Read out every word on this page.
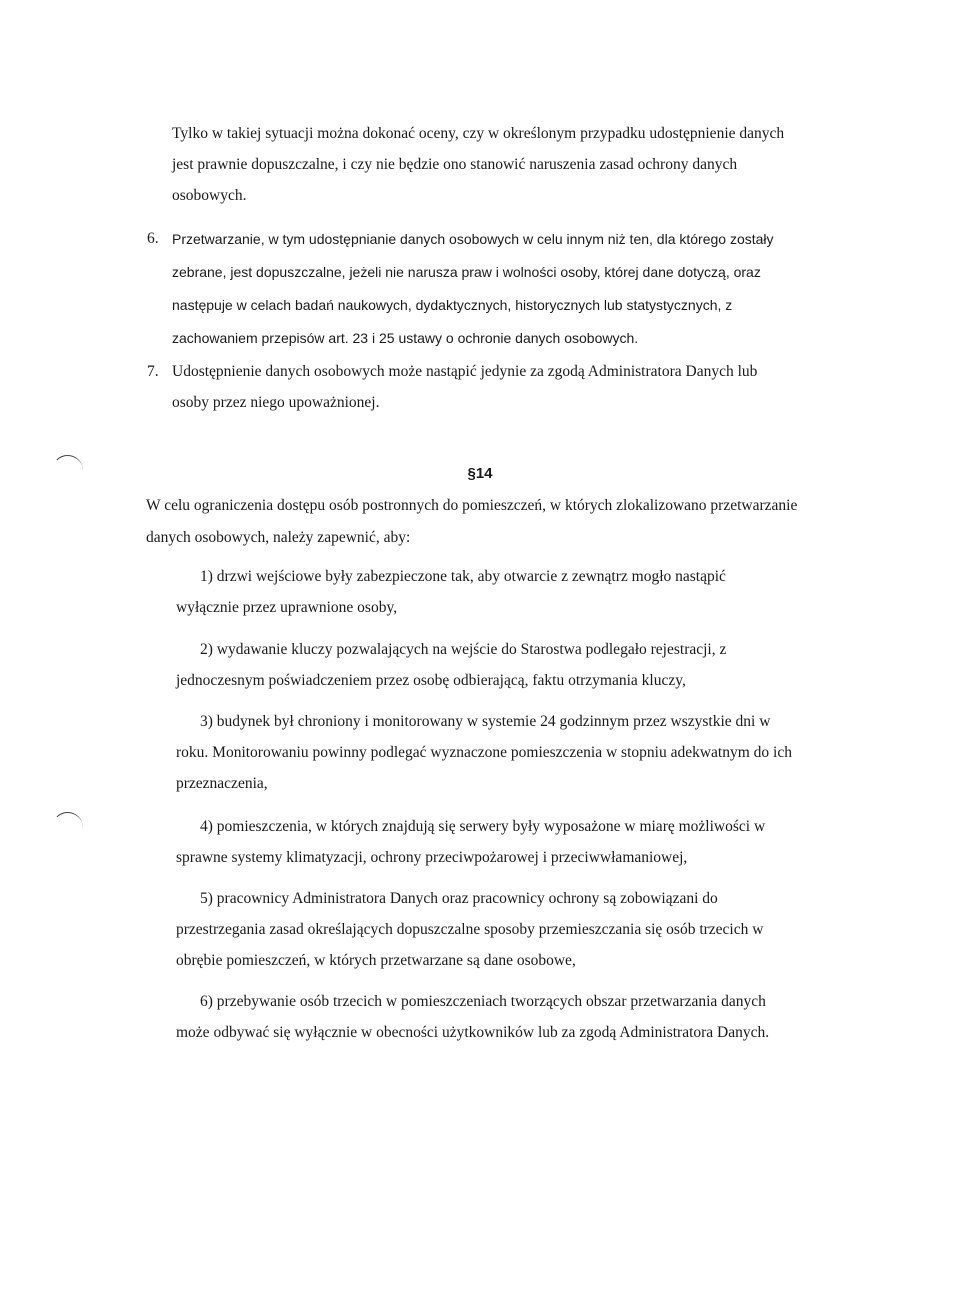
Tylko w takiej sytuacji można dokonać oceny, czy w określonym przypadku udostępnienie danych
jest prawnie dopuszczalne, i czy nie będzie ono stanowić naruszenia zasad ochrony danych
osobowych.
6. Przetwarzanie, w tym udostępnianie danych osobowych w celu innym niż ten, dla którego zostały
zebrane, jest dopuszczalne, jeżeli nie narusza praw i wolności osoby, której dane dotyczą, oraz
następuje w celach badań naukowych, dydaktycznych, historycznych lub statystycznych, z
zachowaniem przepisów art. 23 i 25 ustawy o ochronie danych osobowych.
7. Udostępnienie danych osobowych może nastąpić jedynie za zgodą Administratora Danych lub
osoby przez niego upoważnionej.
§14
W celu ograniczenia dostępu osób postronnych do pomieszczeń, w których zlokalizowano przetwarzanie
danych osobowych, należy zapewnić, aby:
1) drzwi wejściowe były zabezpieczone tak, aby otwarcie z zewnątrz mogło nastąpić
wyłącznie przez uprawnione osoby,
2) wydawanie kluczy pozwalających na wejście do Starostwa podlegało rejestracji, z
jednoczesnym poświadczeniem przez osobę odbierającą, faktu otrzymania kluczy,
3) budynek był chroniony i monitorowany w systemie 24 godzinnym przez wszystkie dni w
roku. Monitorowaniu powinny podlegać wyznaczone pomieszczenia w stopniu adekwatnym do ich
przeznaczenia,
4) pomieszczenia, w których znajdują się serwery były wyposażone w miarę możliwości w
sprawne systemy klimatyzacji, ochrony przeciwpożarowej i przeciwwłamaniowej,
5) pracownicy Administratora Danych oraz pracownicy ochrony są zobowiązani do
przestrzegania zasad określających dopuszczalne sposoby przemieszczania się osób trzecich w
obrębie pomieszczeń, w których przetwarzane są dane osobowe,
6) przebywanie osób trzecich w pomieszczeniach tworzących obszar przetwarzania danych
może odbywać się wyłącznie w obecności użytkowników lub za zgodą Administratora Danych.
